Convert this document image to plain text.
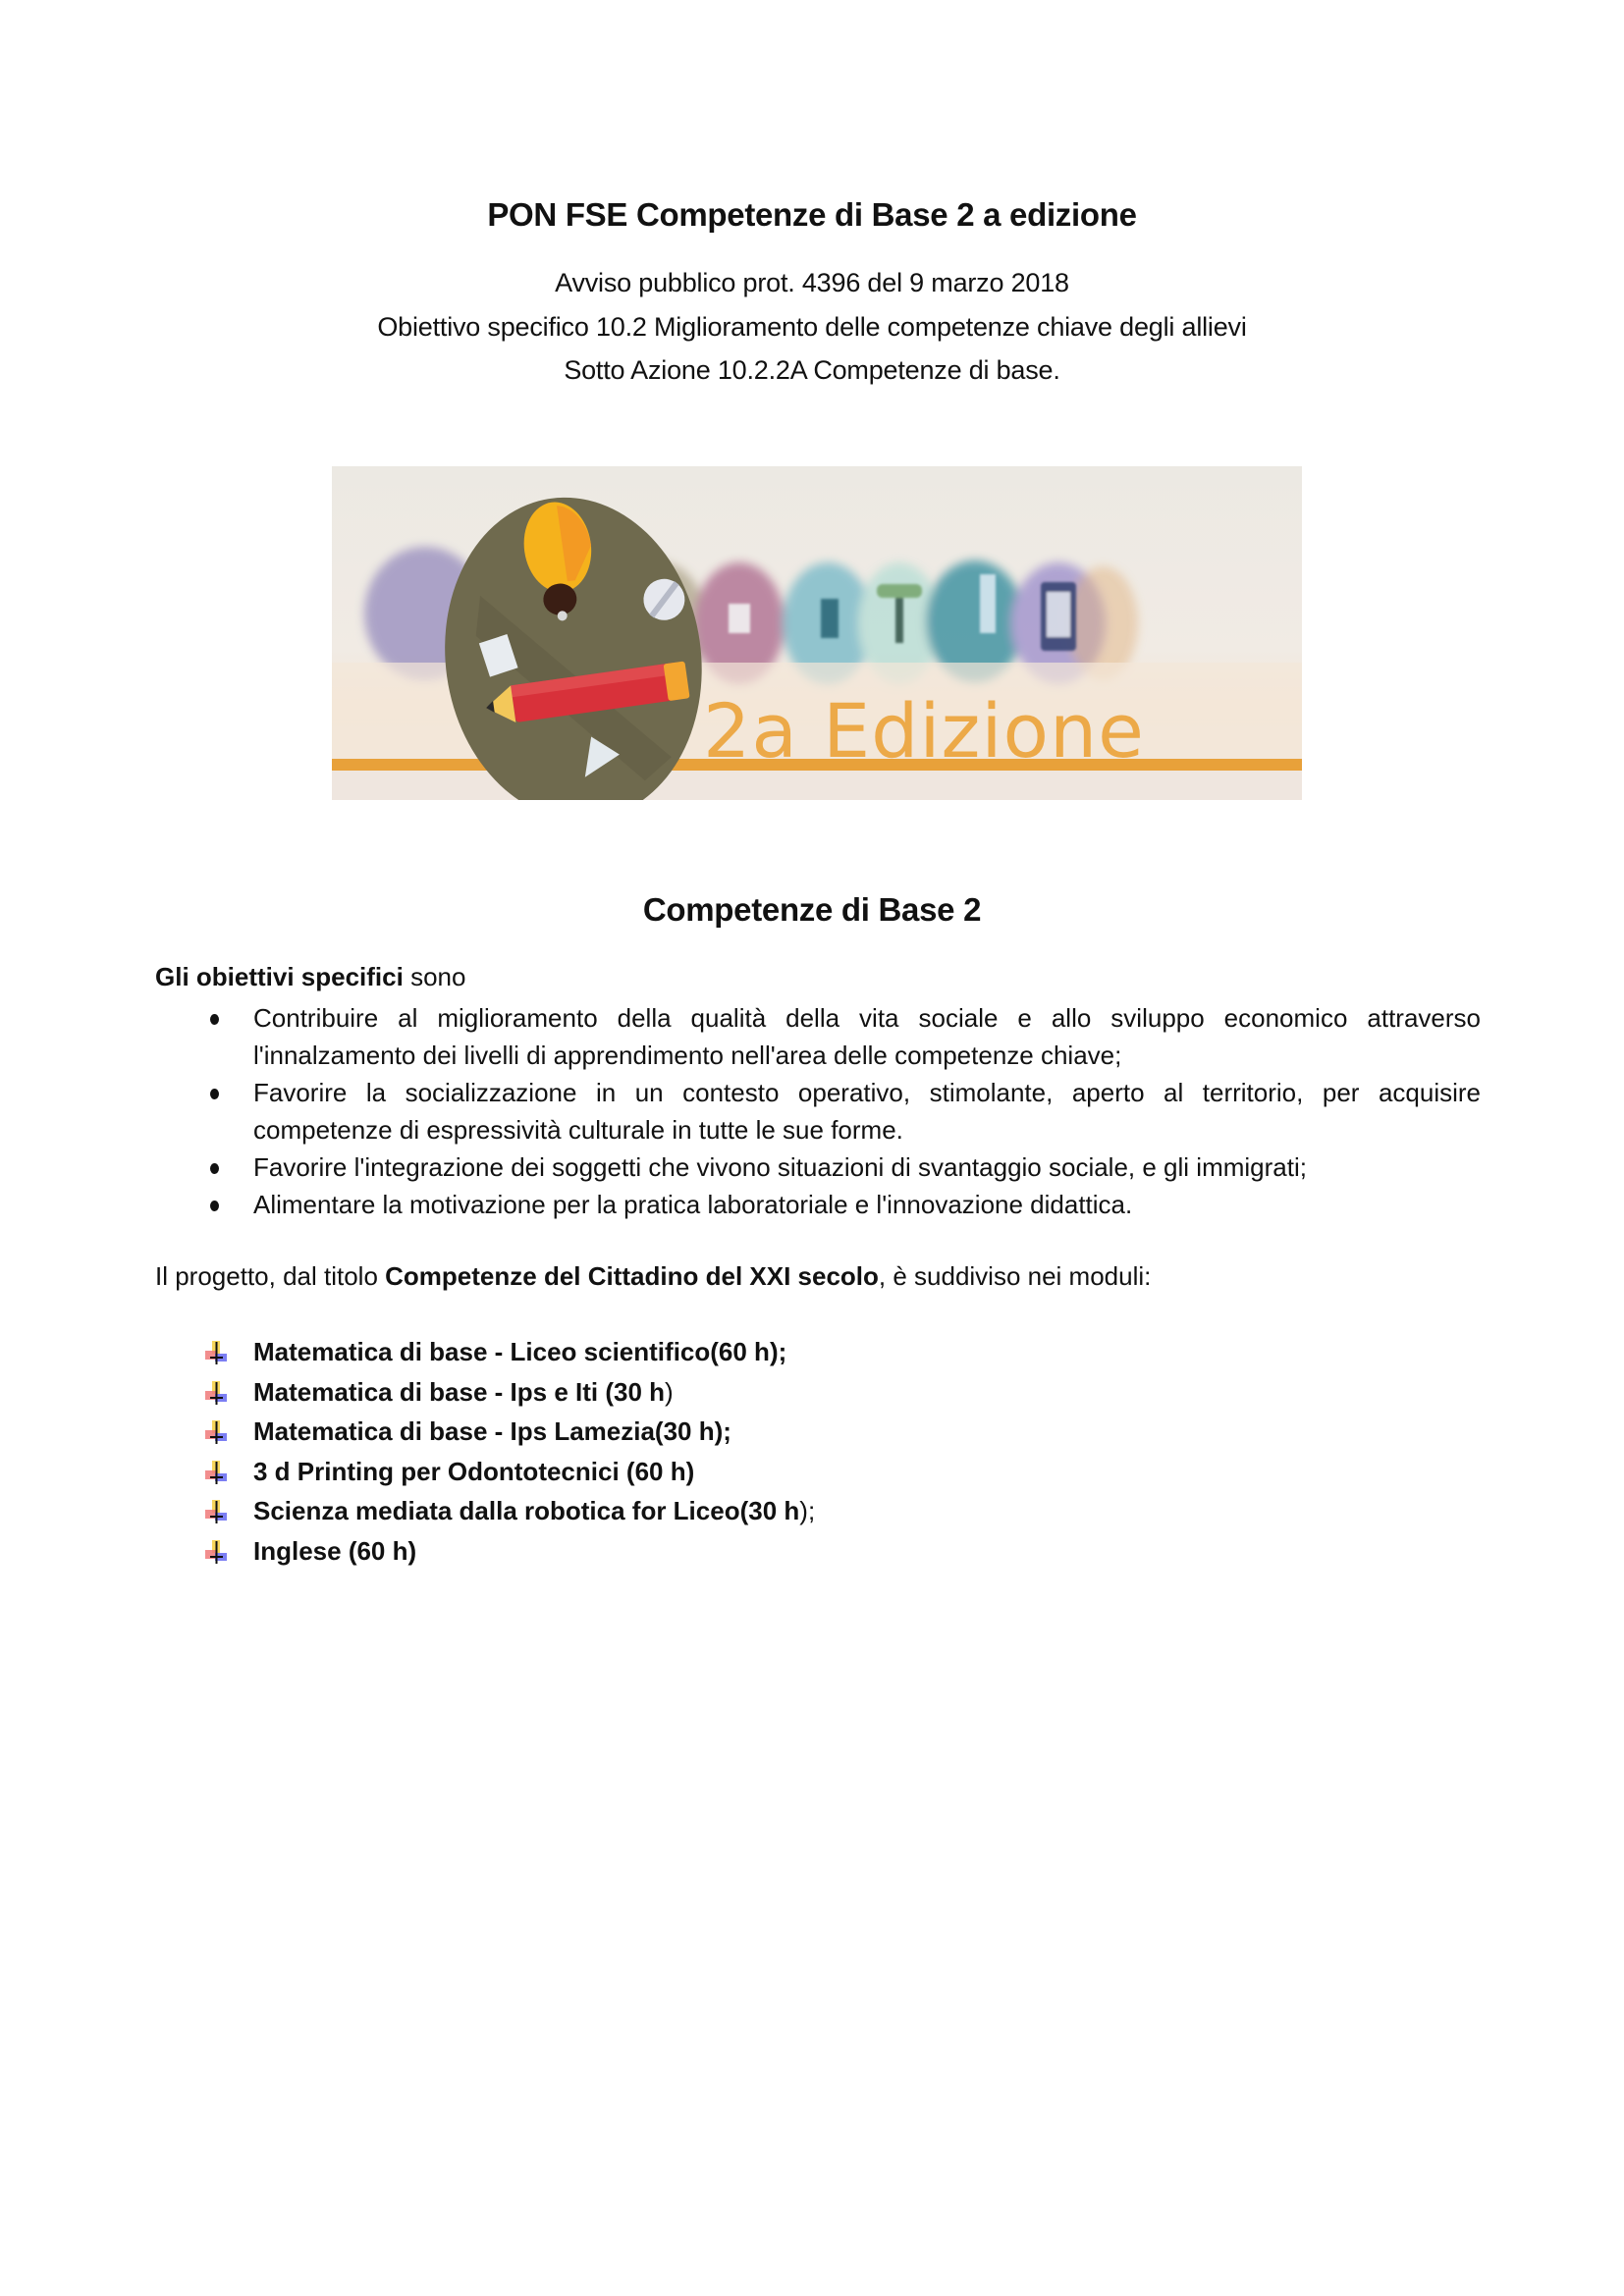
PON FSE Competenze di Base 2 a edizione
Avviso pubblico prot. 4396 del 9 marzo 2018
Obiettivo specifico 10.2 Miglioramento delle competenze chiave degli allievi
Sotto Azione 10.2.2A Competenze di base.
2a Edizione
Competenze di Base 2
Gli obiettivi specifici sono
Contribuire al miglioramento della qualità della vita sociale e allo sviluppo economico attraverso l'innalzamento dei livelli di apprendimento nell'area delle competenze chiave;
Favorire la socializzazione in un contesto operativo, stimolante, aperto al territorio, per acquisire competenze di espressività culturale in tutte le sue forme.
Favorire l'integrazione dei soggetti che vivono situazioni di svantaggio sociale, e gli immigrati;
Alimentare la motivazione per la pratica laboratoriale e l'innovazione didattica.
Il progetto, dal titolo Competenze del Cittadino del XXI secolo, è suddiviso nei moduli:
Matematica di base - Liceo scientifico(60 h);
Matematica di base - Ips e Iti (30 h)
Matematica di base - Ips Lamezia(30 h);
3 d Printing per Odontotecnici (60 h)
Scienza mediata dalla robotica for Liceo(30 h);
Inglese (60 h)
